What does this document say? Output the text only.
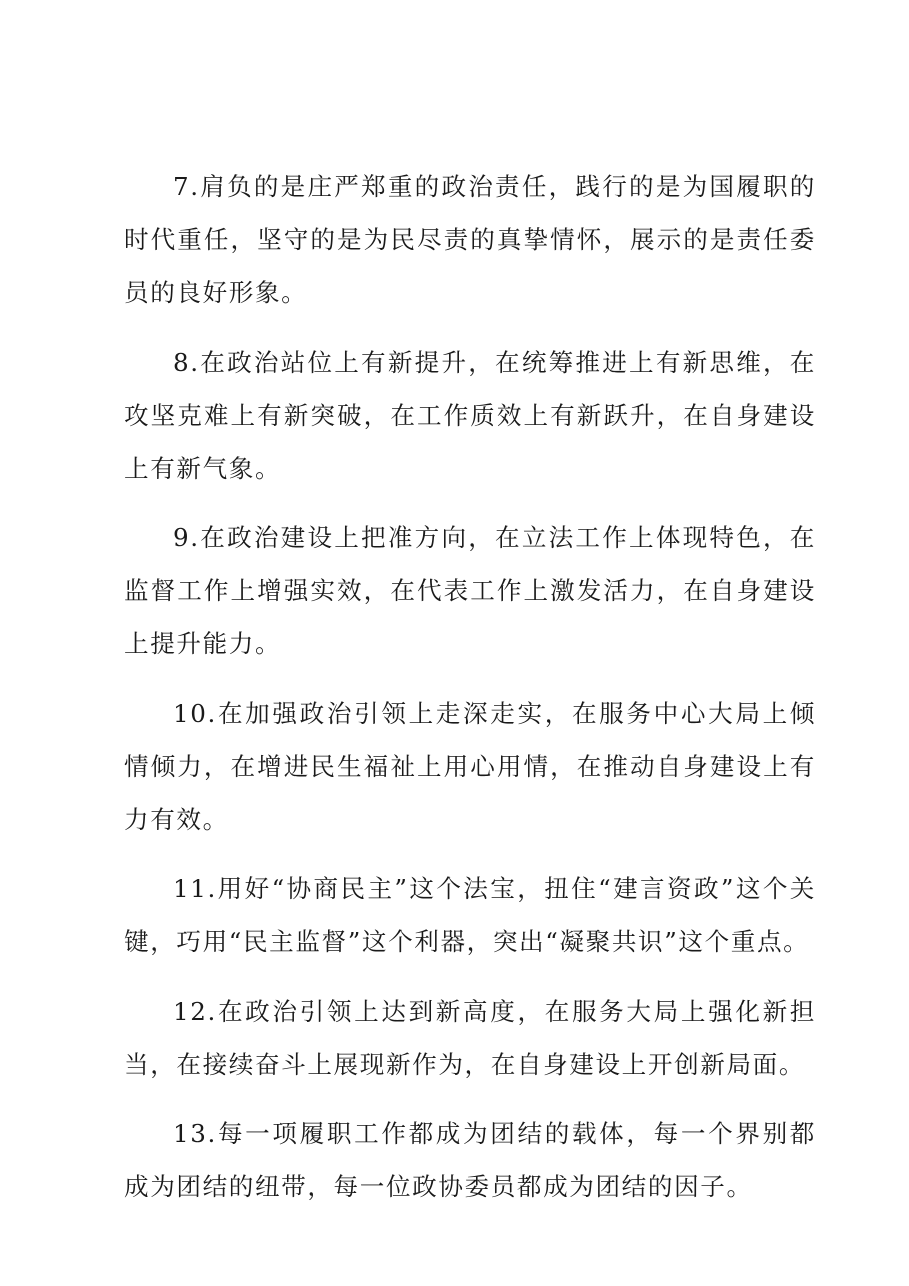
7.肩负的是庄严郑重的政治责任，践行的是为国履职的时代重任，坚守的是为民尽责的真挚情怀，展示的是责任委员的良好形象。

8.在政治站位上有新提升，在统筹推进上有新思维，在攻坚克难上有新突破，在工作质效上有新跃升，在自身建设上有新气象。

9.在政治建设上把准方向，在立法工作上体现特色，在监督工作上增强实效，在代表工作上激发活力，在自身建设上提升能力。

10.在加强政治引领上走深走实，在服务中心大局上倾情倾力，在增进民生福祉上用心用情，在推动自身建设上有力有效。

11.用好“协商民主”这个法宝，扭住“建言资政”这个关键，巧用“民主监督”这个利器，突出“凝聚共识”这个重点。

12.在政治引领上达到新高度，在服务大局上强化新担当，在接续奋斗上展现新作为，在自身建设上开创新局面。

13.每一项履职工作都成为团结的载体，每一个界别都成为团结的纽带，每一位政协委员都成为团结的因子。
